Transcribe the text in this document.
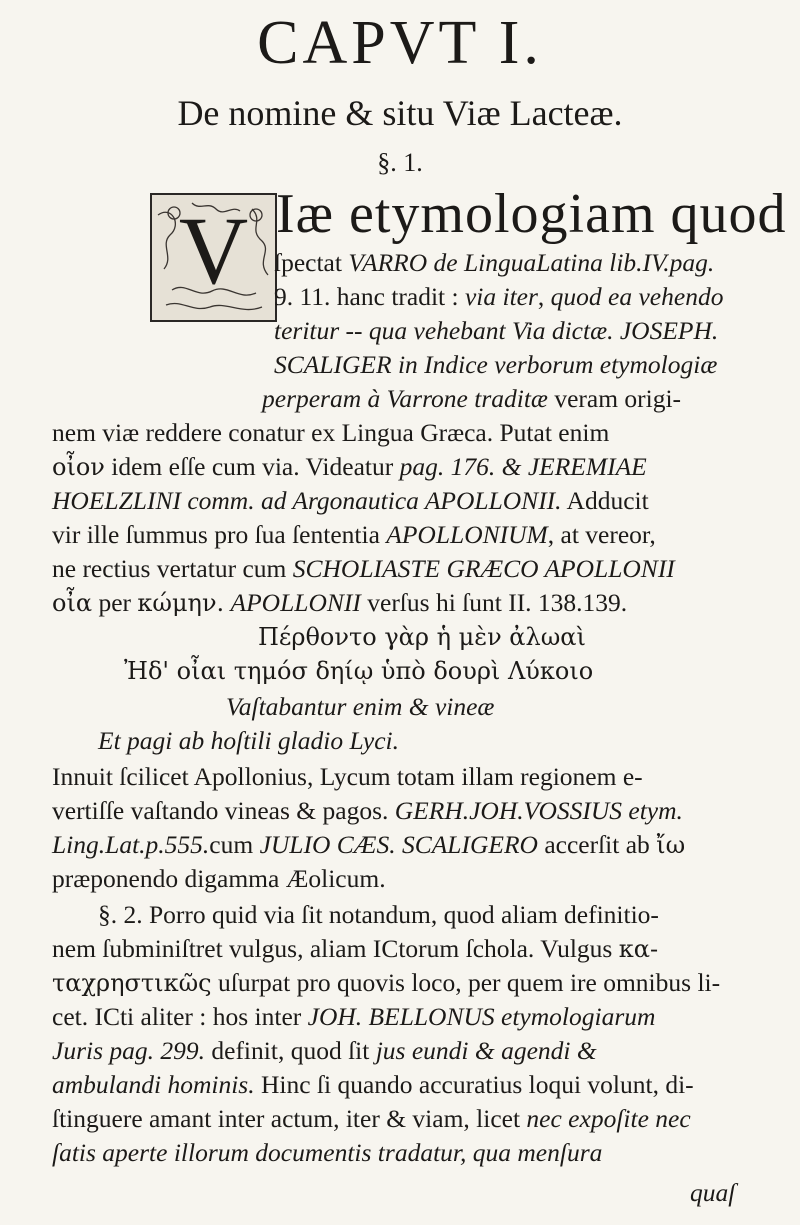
CAPVT I.
De nomine & situ Viæ Lacteæ.
§. 1.
V Iæ etymologiam quod
ſpectat VARRO de LinguaLatina lib.IV.pag.
9. 11. hanc tradit : via iter, quod ea vehendo
teritur -- qua vehebant Via dictæ. JOSEPH.
SCALIGER in Indice verborum etymologiæ
perperam à Varrone traditæ veram origi-
nem viæ reddere conatur ex Lingua Græca. Putat enim
οἶον idem eſſe cum via. Videatur pag. 176. & JEREMIAE
HOELZLINI comm. ad Argonautica APOLLONII. Adducit
vir ille ſummus pro ſua ſententia APOLLONIUM, at vereor,
ne rectius vertatur cum SCHOLIASTE GRÆCO APOLLONII
οἶα per κώμην. APOLLONII verſus hi ſunt II. 138.139.
Πέρθοντο γὰρ ἡ μὲν ἀλωαὶ
Ἠδ' οἶαι τημόσ δηίῳ ὑπὸ δουρὶ Λύκοιο
Vaſtabantur enim & vineæ
Et pagi ab hoſtili gladio Lyci.
Innuit ſcilicet Apollonius, Lycum totam illam regionem e-
vertiſſe vaſtando vineas & pagos. GERH.JOH.VOSSIUS etym.
Ling.Lat.p.555.cum JULIO CÆS. SCALIGERO accerſit ab ἴω
præponendo digamma Æolicum.
§. 2. Porro quid via ſit notandum, quod aliam definitio-
nem ſubminiſtret vulgus, aliam ICtorum ſchola. Vulgus κα-
ταχρηστικῶς uſurpat pro quovis loco, per quem ire omnibus li-
cet. ICti aliter : hos inter JOH. BELLONUS etymologiarum
Juris pag. 299. definit, quod ſit jus eundi & agendi &
ambulandi hominis. Hinc ſi quando accuratius loqui volunt, di-
ſtinguere amant inter actum, iter & viam, licet nec expoſite nec
ſatis aperte illorum documentis tradatur, qua menſura
quaſ
